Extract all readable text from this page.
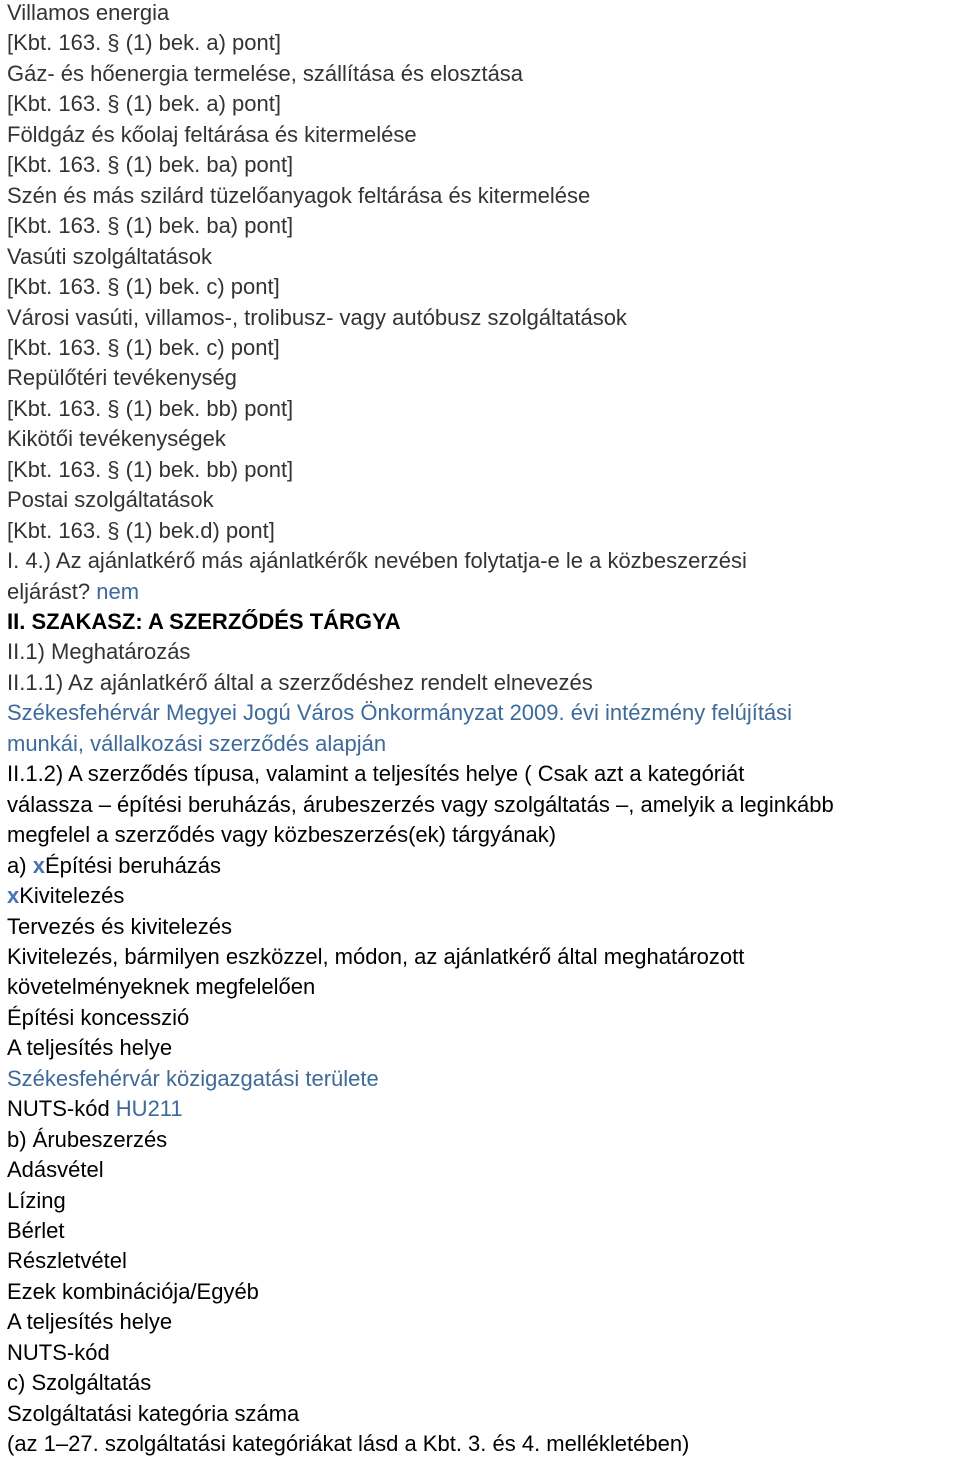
Villamos energia
[Kbt. 163. § (1) bek. a) pont]
Gáz- és hőenergia termelése, szállítása és elosztása
[Kbt. 163. § (1) bek. a) pont]
Földgáz és kőolaj feltárása és kitermelése
[Kbt. 163. § (1) bek. ba) pont]
Szén és más szilárd tüzelőanyagok feltárása és kitermelése
[Kbt. 163. § (1) bek. ba) pont]
Vasúti szolgáltatások
[Kbt. 163. § (1) bek. c) pont]
Városi vasúti, villamos-, trolibusz- vagy autóbusz szolgáltatások
[Kbt. 163. § (1) bek. c) pont]
Repülőtéri tevékenység
[Kbt. 163. § (1) bek. bb) pont]
Kikötői tevékenységek
[Kbt. 163. § (1) bek. bb) pont]
Postai szolgáltatások
[Kbt. 163. § (1) bek.d) pont]
I. 4.) Az ajánlatkérő más ajánlatkérők nevében folytatja-e le a közbeszerzési
eljárást? nem
II. SZAKASZ: A SZERZŐDÉS TÁRGYA
II.1) Meghatározás
II.1.1) Az ajánlatkérő által a szerződéshez rendelt elnevezés
Székesfehérvár Megyei Jogú Város Önkormányzat 2009. évi intézmény felújítási
munkái, vállalkozási szerződés alapján
II.1.2) A szerződés típusa, valamint a teljesítés helye ( Csak azt a kategóriát
válassza – építési beruházás, árubeszerzés vagy szolgáltatás –, amelyik a leginkább
megfelel a szerződés vagy közbeszerzés(ek) tárgyának)
a) xÉpítési beruházás
xKivitelezés
Tervezés és kivitelezés
Kivitelezés, bármilyen eszközzel, módon, az ajánlatkérő által meghatározott
követelményeknek megfelelően
Építési koncesszió
A teljesítés helye
Székesfehérvár közigazgatási területe
NUTS-kód HU211
b) Árubeszerzés
Adásvétel
Lízing
Bérlet
Részletvétel
Ezek kombinációja/Egyéb
A teljesítés helye
NUTS-kód
c) Szolgáltatás
Szolgáltatási kategória száma
(az 1–27. szolgáltatási kategóriákat lásd a Kbt. 3. és 4. mellékletében)
